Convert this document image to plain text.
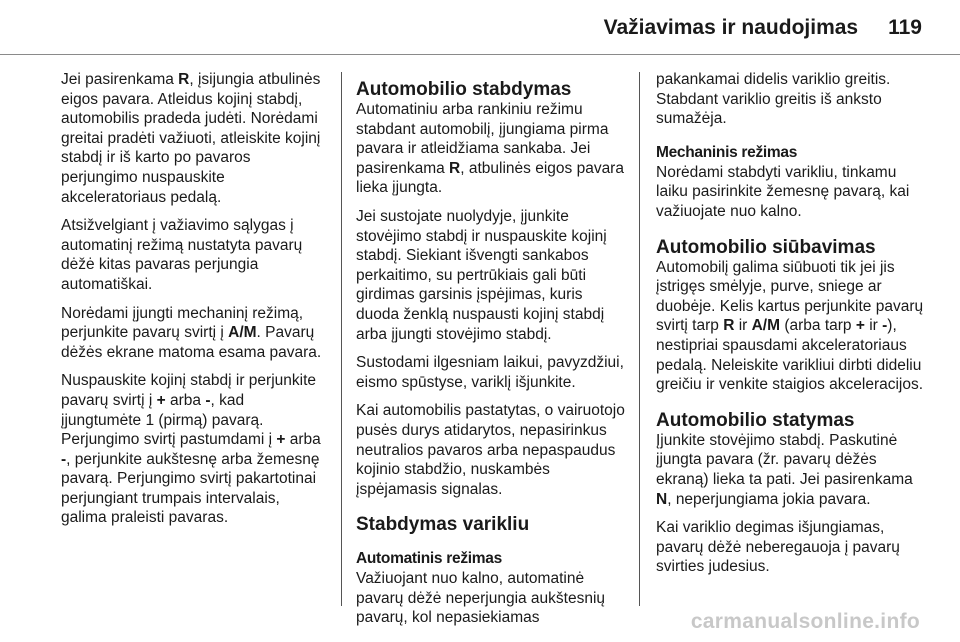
Važiavimas ir naudojimas 119

Jei pasirenkama R, įsijungia atbulinės eigos pavara. Atleidus kojinį stabdį, automobilis pradeda judėti. Norėdami greitai pradėti važiuoti, atleiskite kojinį stabdį ir iš karto po pavaros perjungimo nuspauskite akceleratoriaus pedalą.

Atsižvelgiant į važiavimo sąlygas į automatinį režimą nustatyta pavarų dėžė kitas pavaras perjungia automatiškai.

Norėdami įjungti mechaninį režimą, perjunkite pavarų svirtį į A/M. Pavarų dėžės ekrane matoma esama pavara.

Nuspauskite kojinį stabdį ir perjunkite pavarų svirtį į + arba -, kad įjungtumėte 1 (pirmą) pavarą. Perjungimo svirtį pastumdami į + arba -, perjunkite aukštesnę arba žemesnę pavarą. Perjungimo svirtį pakartotinai perjungiant trumpais intervalais, galima praleisti pavaras.

Automobilio stabdymas

Automatiniu arba rankiniu režimu stabdant automobilį, įjungiama pirma pavara ir atleidžiama sankaba. Jei pasirenkama R, atbulinės eigos pavara lieka įjungta.

Jei sustojate nuolydyje, įjunkite stovėjimo stabdį ir nuspauskite kojinį stabdį. Siekiant išvengti sankabos perkaitimo, su pertrūkiais gali būti girdimas garsinis įspėjimas, kuris duoda ženklą nuspausti kojinį stabdį arba įjungti stovėjimo stabdį.

Sustodami ilgesniam laikui, pavyzdžiui, eismo spūstyse, variklį išjunkite.

Kai automobilis pastatytas, o vairuotojo pusės durys atidarytos, nepasirinkus neutralios pavaros arba nepaspaudus kojinio stabdžio, nuskambės įspėjamasis signalas.

Stabdymas varikliu
Automatinis režimas

Važiuojant nuo kalno, automatinė pavarų dėžė neperjungia aukštesnių pavarų, kol nepasiekiamas

pakankamai didelis variklio greitis. Stabdant variklio greitis iš anksto sumažėja.

Mechaninis režimas

Norėdami stabdyti varikliu, tinkamu laiku pasirinkite žemesnę pavarą, kai važiuojate nuo kalno.

Automobilio siūbavimas

Automobilį galima siūbuoti tik jei jis įstrigęs smėlyje, purve, sniege ar duobėje. Kelis kartus perjunkite pavarų svirtį tarp R ir A/M (arba tarp + ir -), nestipriai spausdami akceleratoriaus pedalą. Neleiskite varikliui dirbti dideliu greičiu ir venkite staigios akceleracijos.

Automobilio statymas

Įjunkite stovėjimo stabdį. Paskutinė įjungta pavara (žr. pavarų dėžės ekraną) lieka ta pati. Jei pasirenkama N, neperjungiama jokia pavara.

Kai variklio degimas išjungiamas, pavarų dėžė neberegauoja į pavarų svirties judesius.

carmanualsonline.info
